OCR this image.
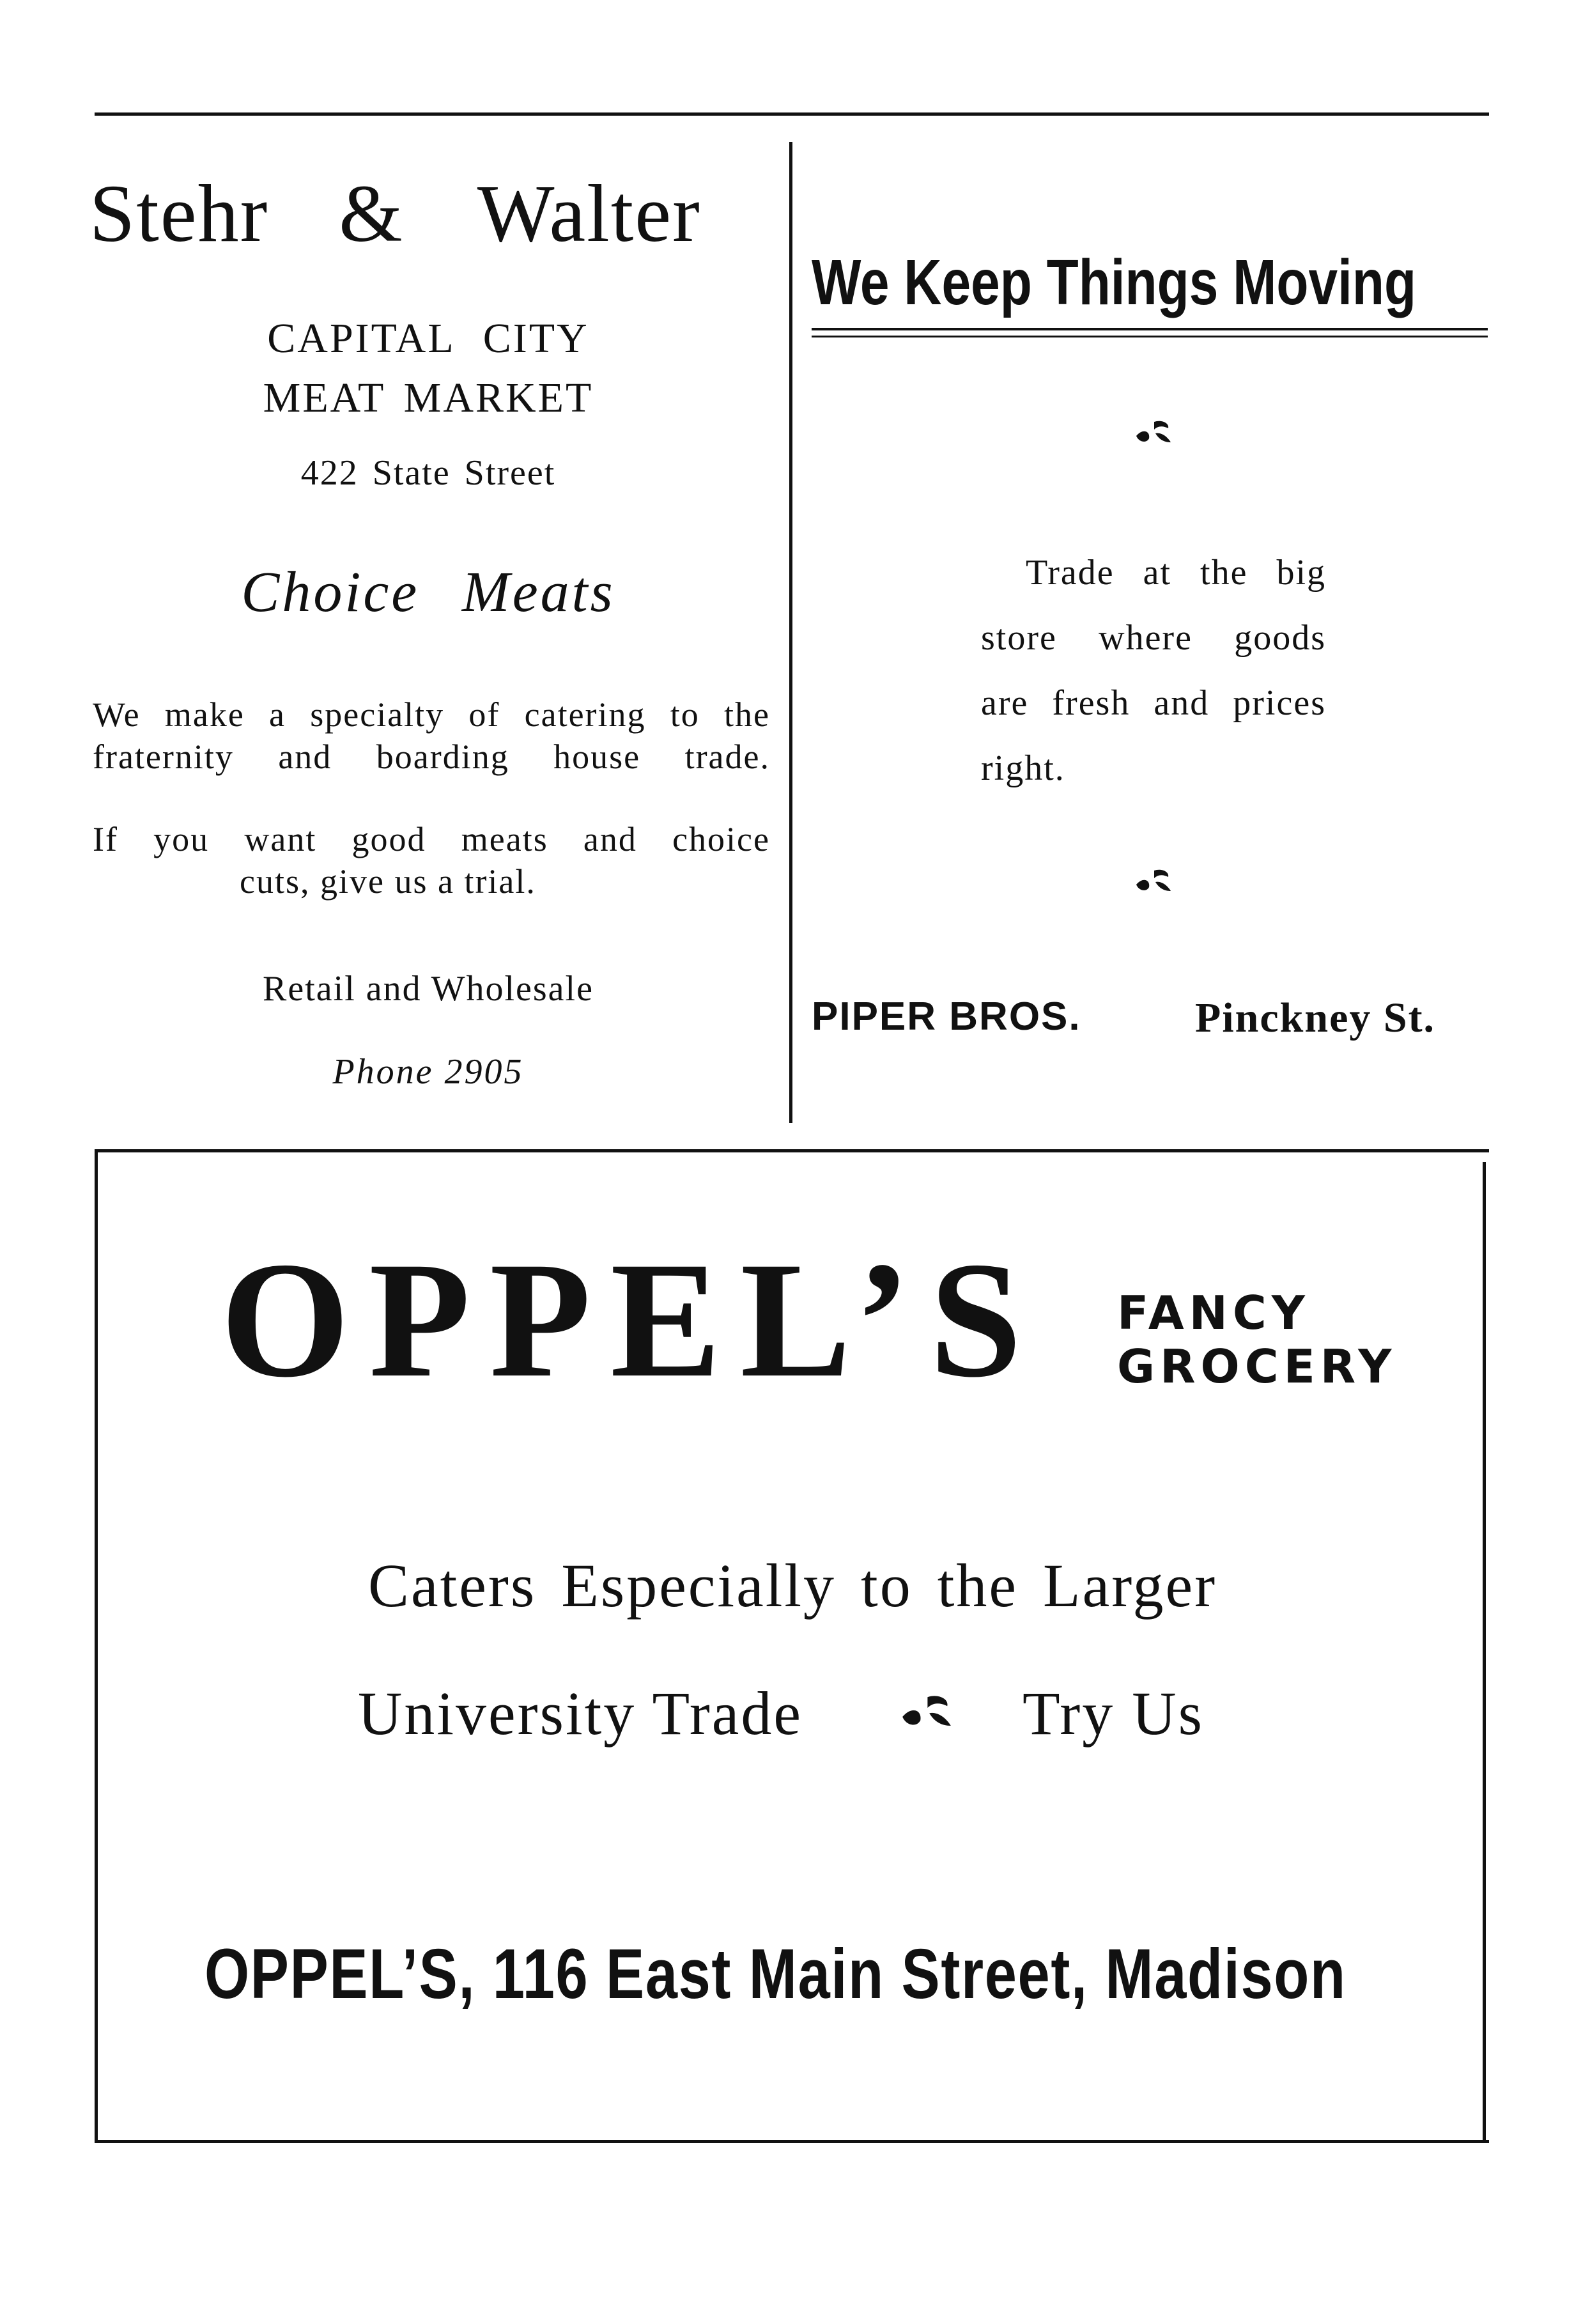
Stehr & Walter
CAPITAL CITY
MEAT MARKET
422 State Street
Choice Meats
We make a specialty of catering to the fraternity and boarding house trade.
If you want good meats and choice
cuts, give us a trial.
Retail and Wholesale
Phone 2905
We Keep Things Moving
Trade at the big
store where goods
are fresh and prices
right.
PIPER BROS.	Pinckney St.
OPPEL’S FANCY
GROCERY
Caters Especially to the Larger
University Trade	Try Us
OPPEL’S, 116 East Main Street, Madison
